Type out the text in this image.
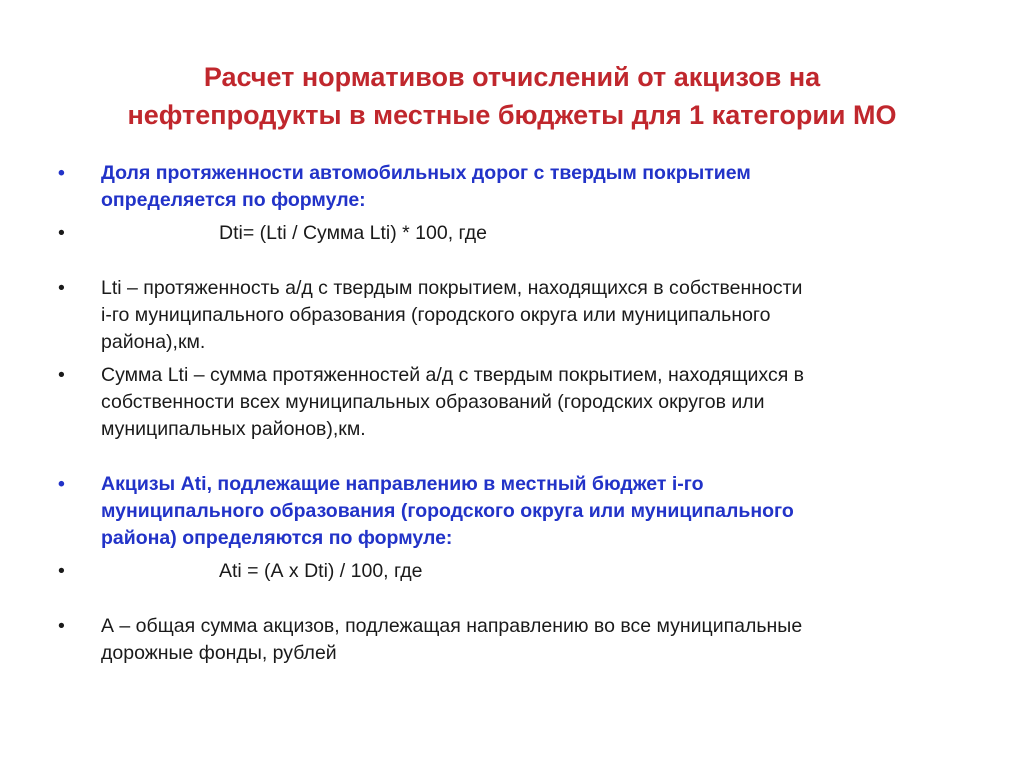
Расчет нормативов отчислений от акцизов на
нефтепродукты в местные бюджеты для 1 категории МО
•	Доля протяженности автомобильных дорог с твердым покрытием
определяется по формуле:
•	Dti= (Lti / Сумма Lti) * 100, где
•	Lti – протяженность а/д с твердым покрытием, находящихся в собственности
i-го муниципального образования (городского округа или муниципального
района),км.
•	Сумма Lti – сумма протяженностей а/д с твердым покрытием, находящихся в
собственности всех муниципальных образований (городских округов или
муниципальных районов),км.
•	Акцизы Ati, подлежащие направлению в местный бюджет i-го
муниципального образования (городского округа или муниципального
района) определяются по формуле:
•	Ati = (А х Dti) / 100, где
•	А – общая сумма акцизов, подлежащая направлению во все муниципальные
дорожные фонды, рублей
